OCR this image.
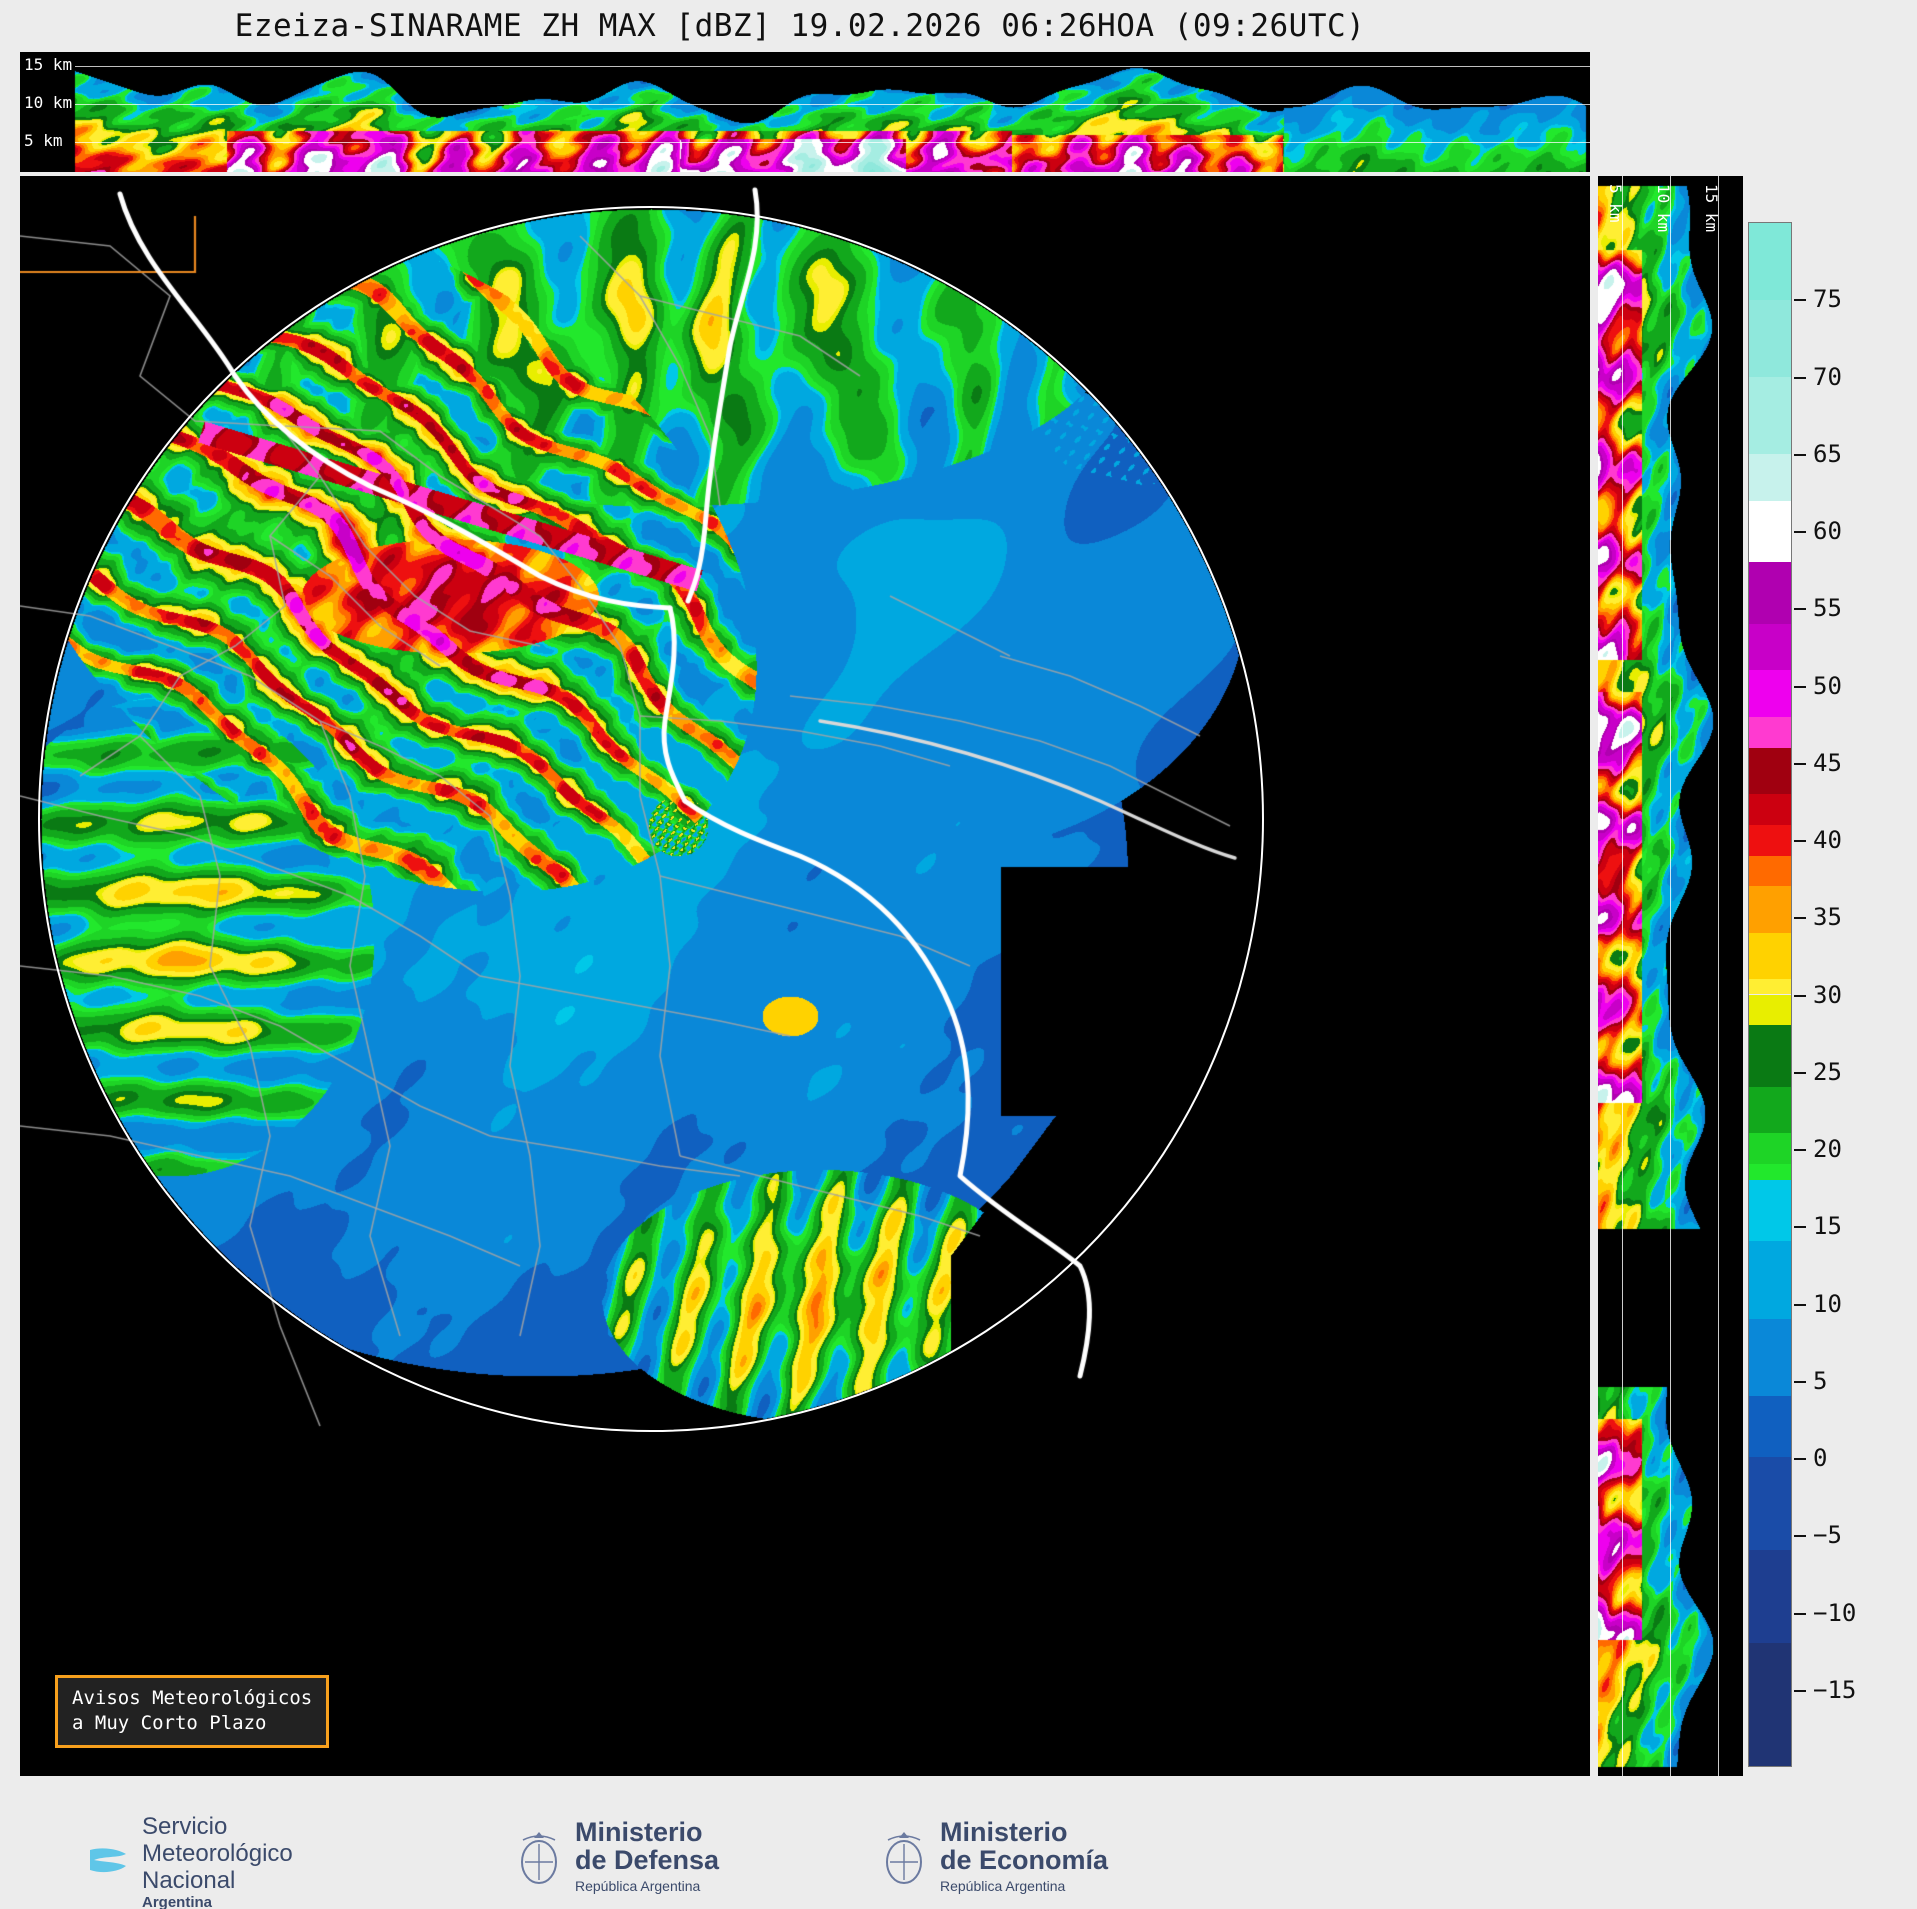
Ezeiza-SINARAME ZH MAX [dBZ] 19.02.2026 06:26HOA (09:26UTC)
15 km
10 km
5 km
Avisos Meteorológicos
a Muy Corto Plazo
5 km 10 km 15 km
75
70
65
60
55
50
45
40
35
30
25
20
15
10
5
0
−5
−10
−15
Servicio
Meteorológico
Nacional
Argentina
Ministerio
de Defensa
República Argentina
Ministerio
de Economía
República Argentina
